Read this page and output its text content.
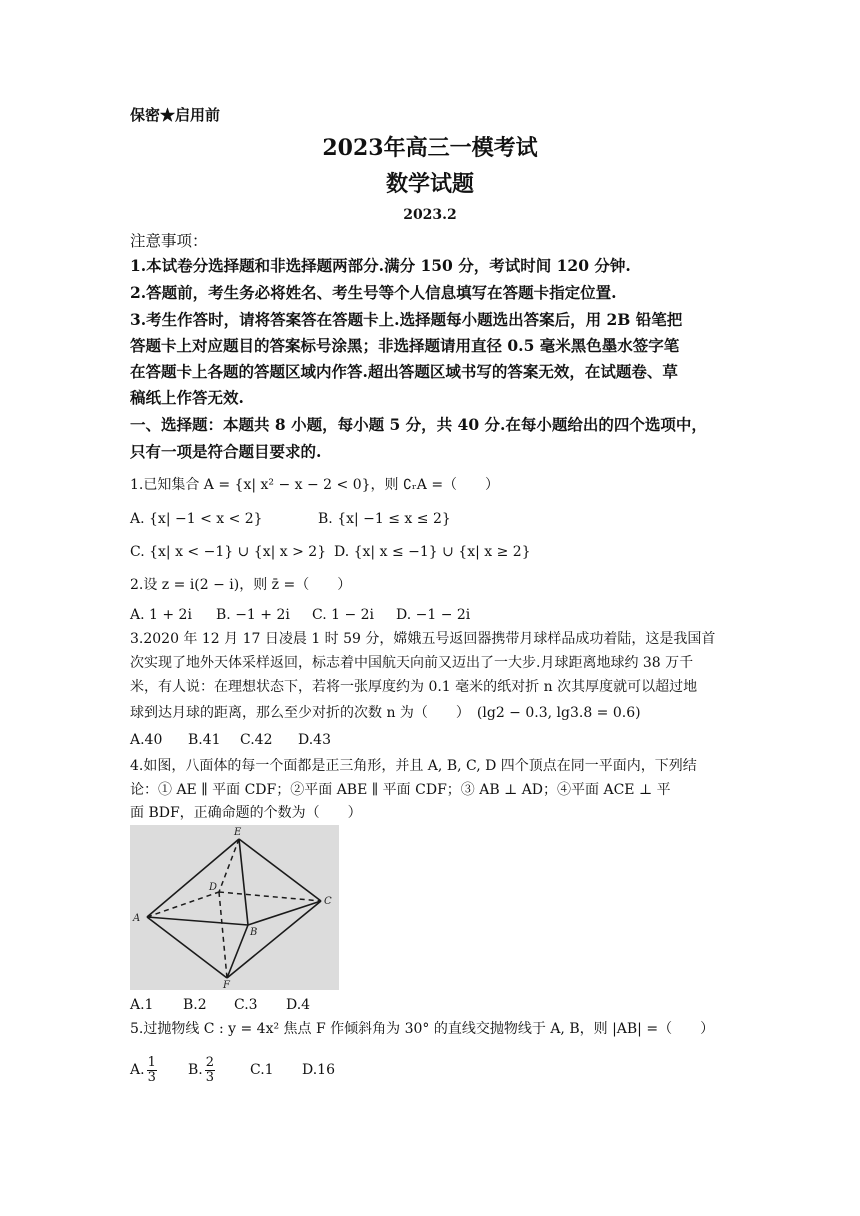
保密★启用前
2023年高三一模考试
数学试题
2023.2
注意事项：
1.本试卷分选择题和非选择题两部分.满分 150 分，考试时间 120 分钟.
2.答题前，考生务必将姓名、考生号等个人信息填写在答题卡指定位置.
3.考生作答时，请将答案答在答题卡上.选择题每小题选出答案后，用 2B 铅笔把
答题卡上对应题目的答案标号涂黑；非选择题请用直径 0.5 毫米黑色墨水签字笔
在答题卡上各题的答题区域内作答.超出答题区域书写的答案无效，在试题卷、草
稿纸上作答无效.
一、选择题：本题共 8 小题，每小题 5 分，共 40 分.在每小题给出的四个选项中，
只有一项是符合题目要求的.
1.已知集合 A = {x| x² − x − 2 < 0}，则 ∁ᵣA =（　　）
A. {x| −1 < x < 2}	B. {x| −1 ≤ x ≤ 2}
C. {x| x < −1} ∪ {x| x > 2} D. {x| x ≤ −1} ∪ {x| x ≥ 2}
2.设 z = i(2 − i)，则 z̄ =（　　）
A. 1 + 2i B. −1 + 2i C. 1 − 2i D. −1 − 2i
3.2020 年 12 月 17 日凌晨 1 时 59 分，嫦娥五号返回器携带月球样品成功着陆，这是我国首
次实现了地外天体采样返回，标志着中国航天向前又迈出了一大步.月球距离地球约 38 万千
米，有人说：在理想状态下，若将一张厚度约为 0.1 毫米的纸对折 n 次其厚度就可以超过地
球到达月球的距离，那么至少对折的次数 n 为（　　）　(lg2 − 0.3, lg3.8 = 0.6)
A.40 B.41 C.42 D.43
4.如图，八面体的每一个面都是正三角形，并且 A, B, C, D 四个顶点在同一平面内，下列结
论：① AE ∥ 平面 CDF；②平面 ABE ∥ 平面 CDF；③ AB ⊥ AD；④平面 ACE ⊥ 平
面 BDF，正确命题的个数为（　　）
E
D
C
A
B
F
A.1 B.2 C.3 D.4
5.过抛物线 C : y = 4x² 焦点 F 作倾斜角为 30° 的直线交抛物线于 A, B，则 |AB| =（　　）
A. $\frac{1}{3} B$. $\frac{2}{3} C.1$ D.16
